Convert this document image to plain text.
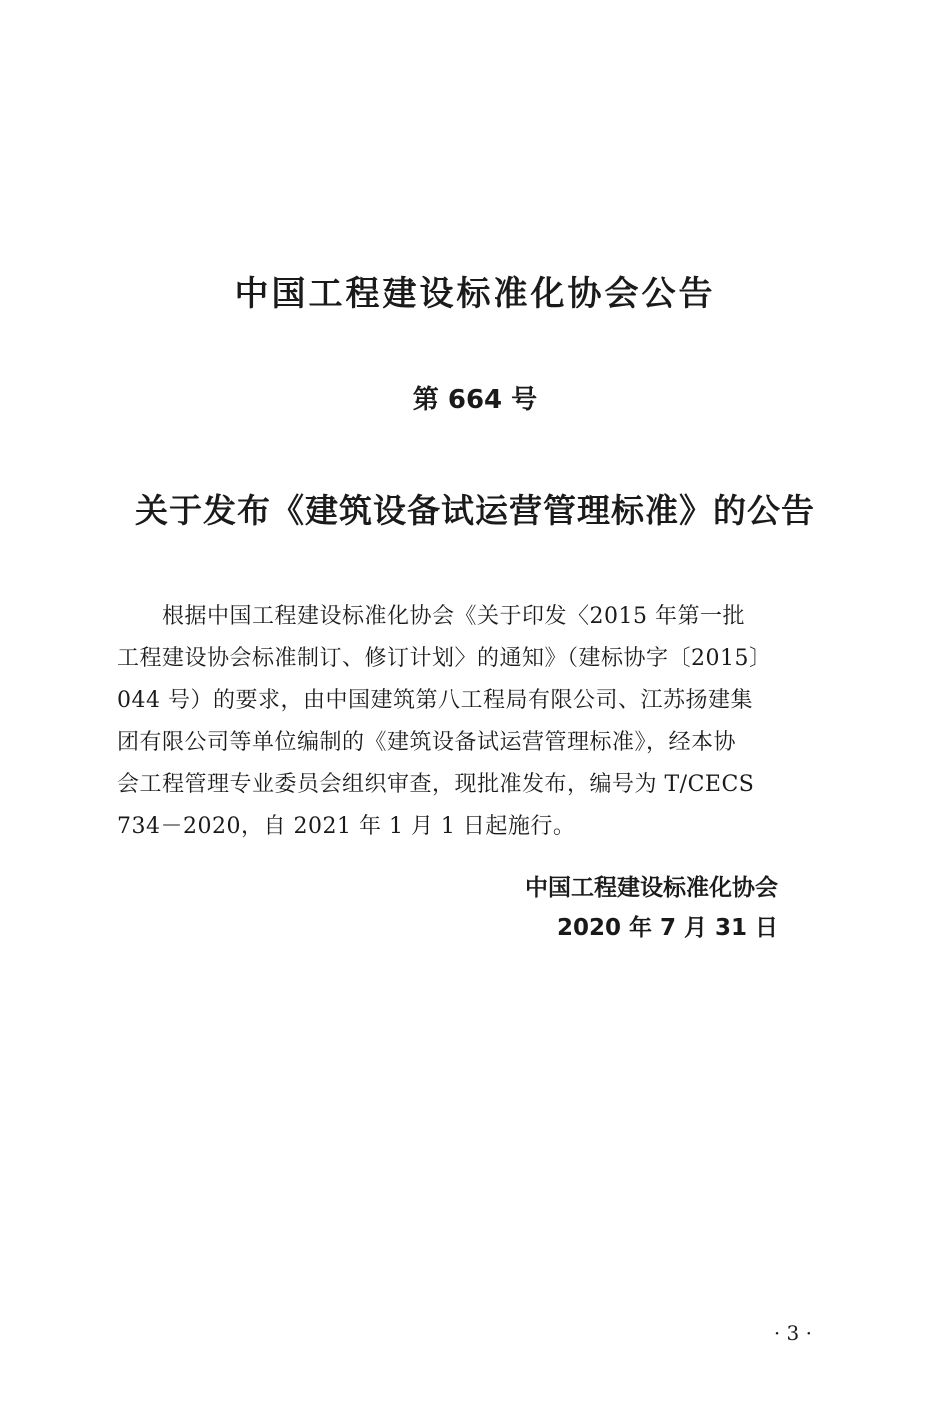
中国工程建设标准化协会公告
第 664 号
关于发布《建筑设备试运营管理标准》的公告

　　根据中国工程建设标准化协会《关于印发〈2015 年第一批
工程建设协会标准制订、修订计划〉的通知》（建标协字〔2015〕
044 号）的要求，由中国建筑第八工程局有限公司、江苏扬建集
团有限公司等单位编制的《建筑设备试运营管理标准》，经本协
会工程管理专业委员会组织审查，现批准发布，编号为 T/CECS
734－2020，自 2021 年 1 月 1 日起施行。

中国工程建设标准化协会
2020 年 7 月 31 日
· 3 ·
